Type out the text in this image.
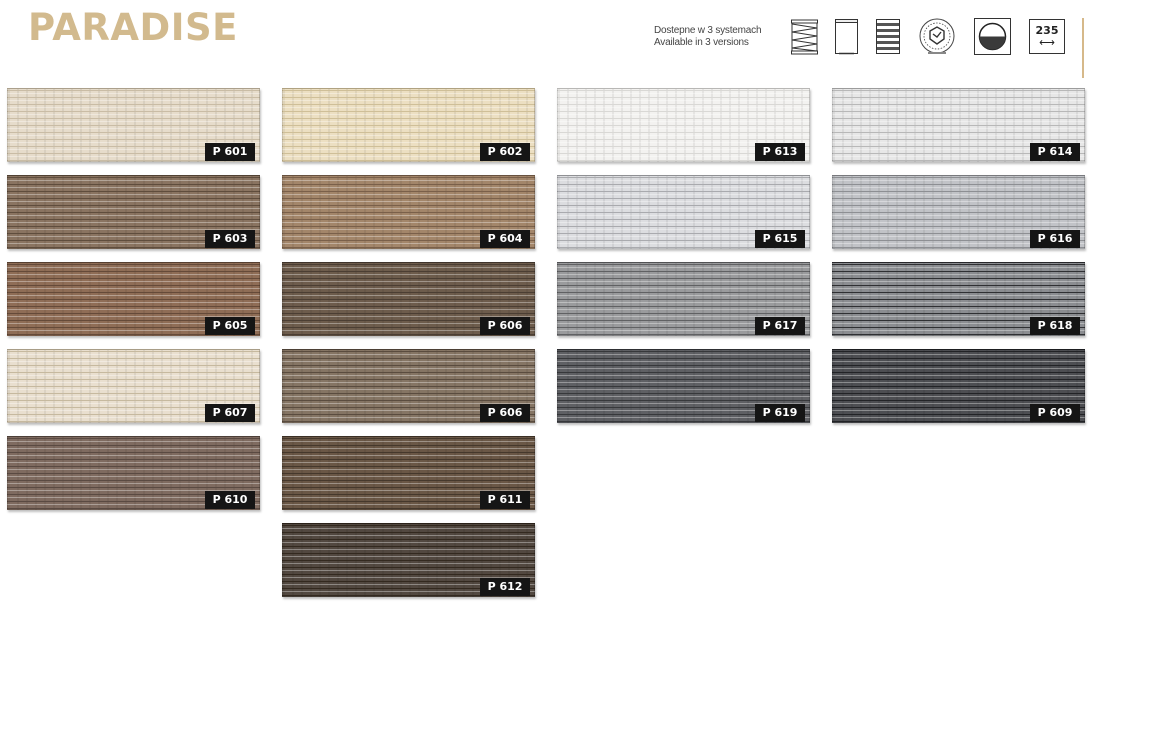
PARADISE	Dostepne w 3 systemach
Available in 3 versions
235
⟷
P 601	P 602	P 613	P 614
P 603	P 604	P 615	P 616
P 605	P 606	P 617	P 618
P 607	P 606	P 619	P 609
P 610	P 611
P 612
